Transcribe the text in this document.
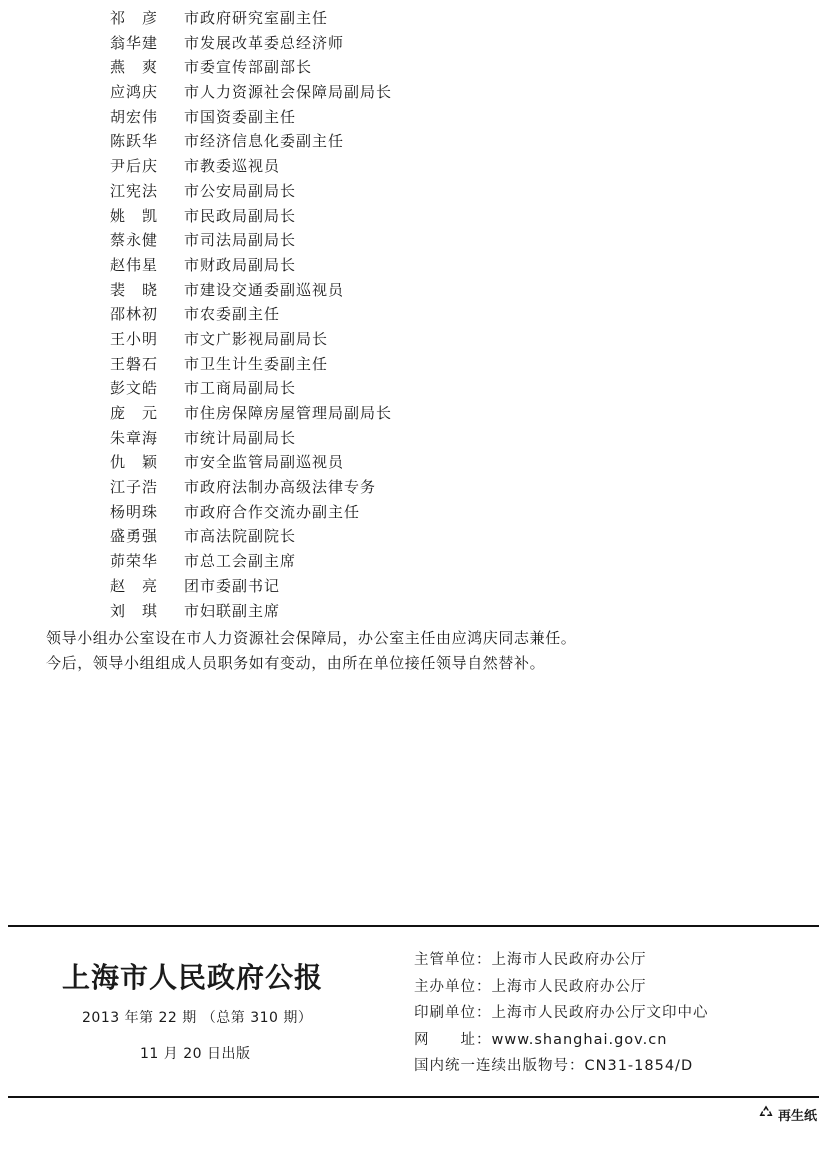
祁　彦 市政府研究室副主任
翁华建 市发展改革委总经济师
燕　爽 市委宣传部副部长
应鸿庆 市人力资源社会保障局副局长
胡宏伟 市国资委副主任
陈跃华 市经济信息化委副主任
尹后庆 市教委巡视员
江宪法 市公安局副局长
姚　凯 市民政局副局长
蔡永健 市司法局副局长
赵伟星 市财政局副局长
裴　晓 市建设交通委副巡视员
邵林初 市农委副主任
王小明 市文广影视局副局长
王磐石 市卫生计生委副主任
彭文皓 市工商局副局长
庞　元 市住房保障房屋管理局副局长
朱章海 市统计局副局长
仇　颖 市安全监管局副巡视员
江子浩 市政府法制办高级法律专务
杨明珠 市政府合作交流办副主任
盛勇强 市高法院副院长
茆荣华 市总工会副主席
赵　亮 团市委副书记
刘　琪 市妇联副主席
领导小组办公室设在市人力资源社会保障局，办公室主任由应鸿庆同志兼任。
今后，领导小组组成人员职务如有变动，由所在单位接任领导自然替补。
上海市人民政府公报
2013 年第 22 期 （总第 310 期）
11 月 20 日出版
主管单位：上海市人民政府办公厅
主办单位：上海市人民政府办公厅
印刷单位：上海市人民政府办公厅文印中心
网　　址：www.shanghai.gov.cn
国内统一连续出版物号：CN31-1854/D
再生纸
